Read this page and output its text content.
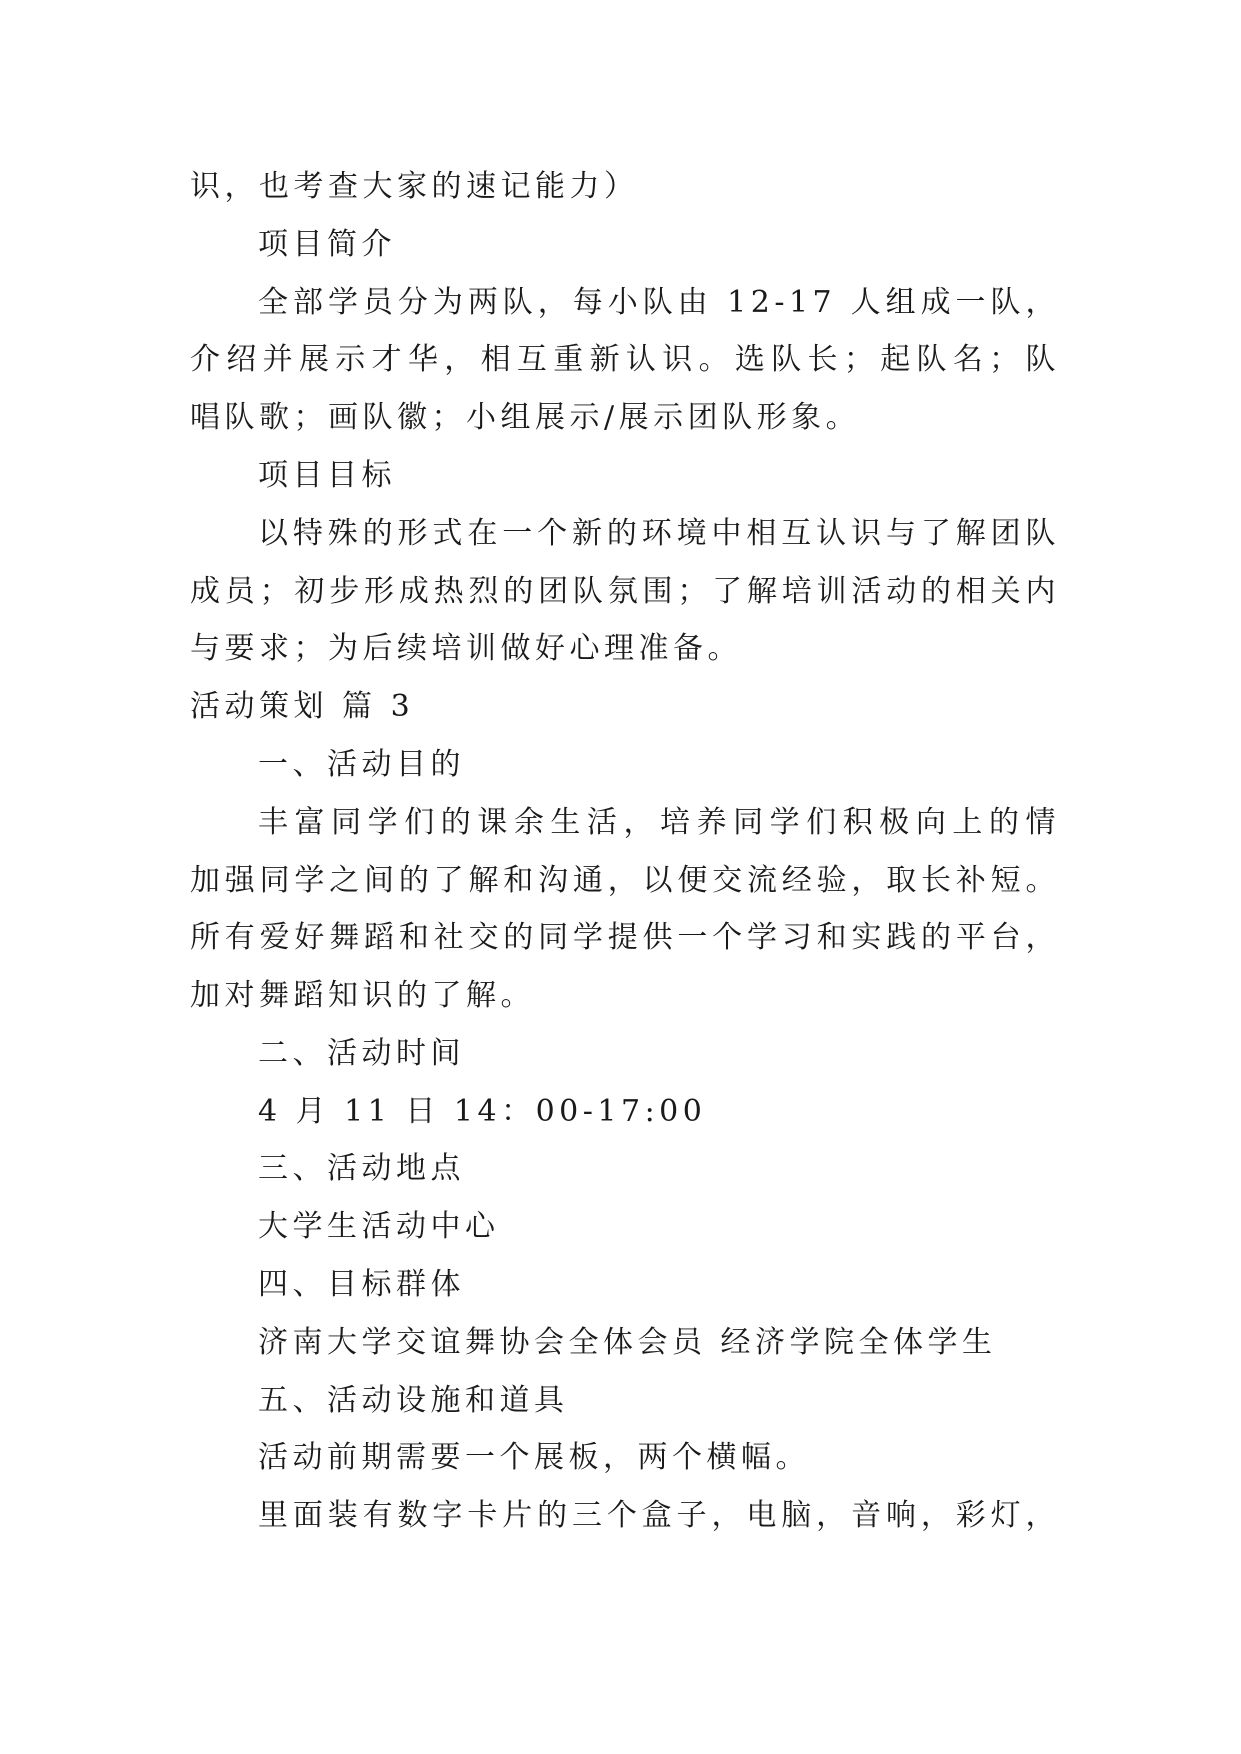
识，也考查大家的速记能力）
项目简介
全部学员分为两队，每小队由 12-17 人组成一队，
介绍并展示才华，相互重新认识。选队长；起队名；队
唱队歌；画队徽；小组展示/展示团队形象。
项目目标
以特殊的形式在一个新的环境中相互认识与了解团队
成员；初步形成热烈的团队氛围；了解培训活动的相关内
与要求；为后续培训做好心理准备。
活动策划 篇 3
一、活动目的
丰富同学们的课余生活，培养同学们积极向上的情
加强同学之间的了解和沟通，以便交流经验，取长补短。
所有爱好舞蹈和社交的同学提供一个学习和实践的平台，
加对舞蹈知识的了解。
二、活动时间
4 月 11 日 14：00-17:00
三、活动地点
大学生活动中心
四、目标群体
济南大学交谊舞协会全体会员 经济学院全体学生
五、活动设施和道具
活动前期需要一个展板，两个横幅。
里面装有数字卡片的三个盒子，电脑，音响，彩灯，
